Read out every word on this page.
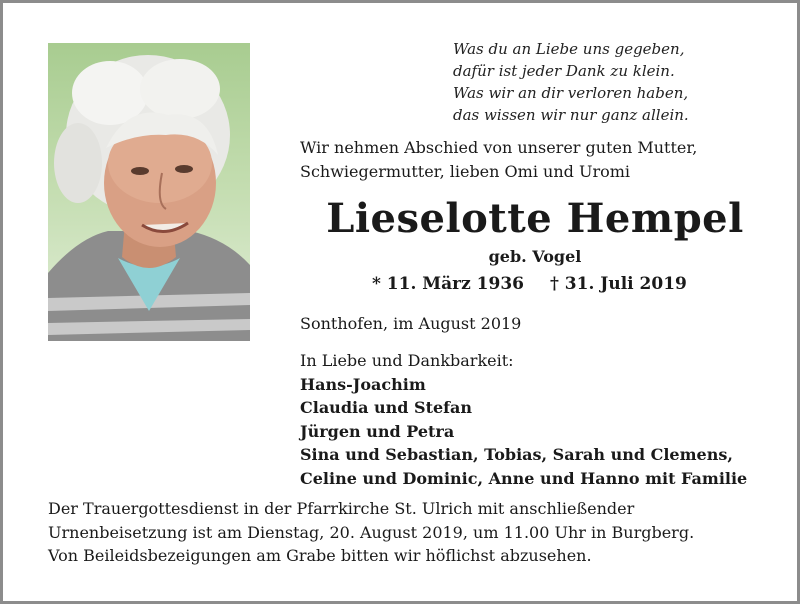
Was du an Liebe uns gegeben,
dafür ist jeder Dank zu klein.
Was wir an dir verloren haben,
das wissen wir nur ganz allein.
Wir nehmen Abschied von unserer guten Mutter,
Schwiegermutter, lieben Omi und Uromi
Lieselotte Hempel
geb. Vogel
* 11. März 1936 † 31. Juli 2019
Sonthofen, im August 2019
In Liebe und Dankbarkeit:
Hans-Joachim
Claudia und Stefan
Jürgen und Petra
Sina und Sebastian, Tobias, Sarah und Clemens,
Celine und Dominic, Anne und Hanno mit Familie
Der Trauergottesdienst in der Pfarrkirche St. Ulrich mit anschließender
Urnenbeisetzung ist am Dienstag, 20. August 2019, um 11.00 Uhr in Burgberg.
Von Beileidsbezeigungen am Grabe bitten wir höflichst abzusehen.
